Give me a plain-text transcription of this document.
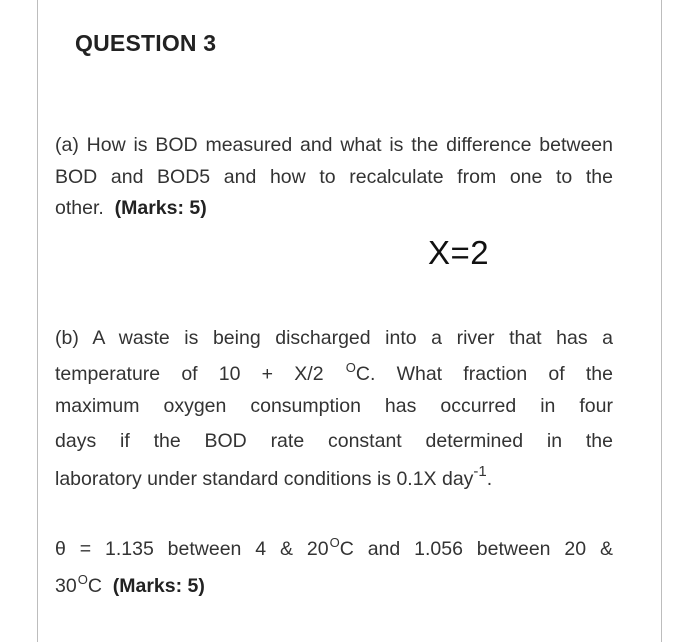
QUESTION 3
(a) How is BOD measured and what is the difference between BOD and BOD5 and how to recalculate from one to the other. (Marks: 5)
X=2
(b) A waste is being discharged into a river that has a
temperature of 10 + X/2 $^O$C. What fraction of the
maximum oxygen consumption has occurred in four
days if the BOD rate constant determined in the
laboratory under standard conditions is 0.1X day$^{-1}$.
θ = 1.135 between 4 & $20^OC$ and 1.056 between 20 &
$30^OC$ (Marks: 5)
